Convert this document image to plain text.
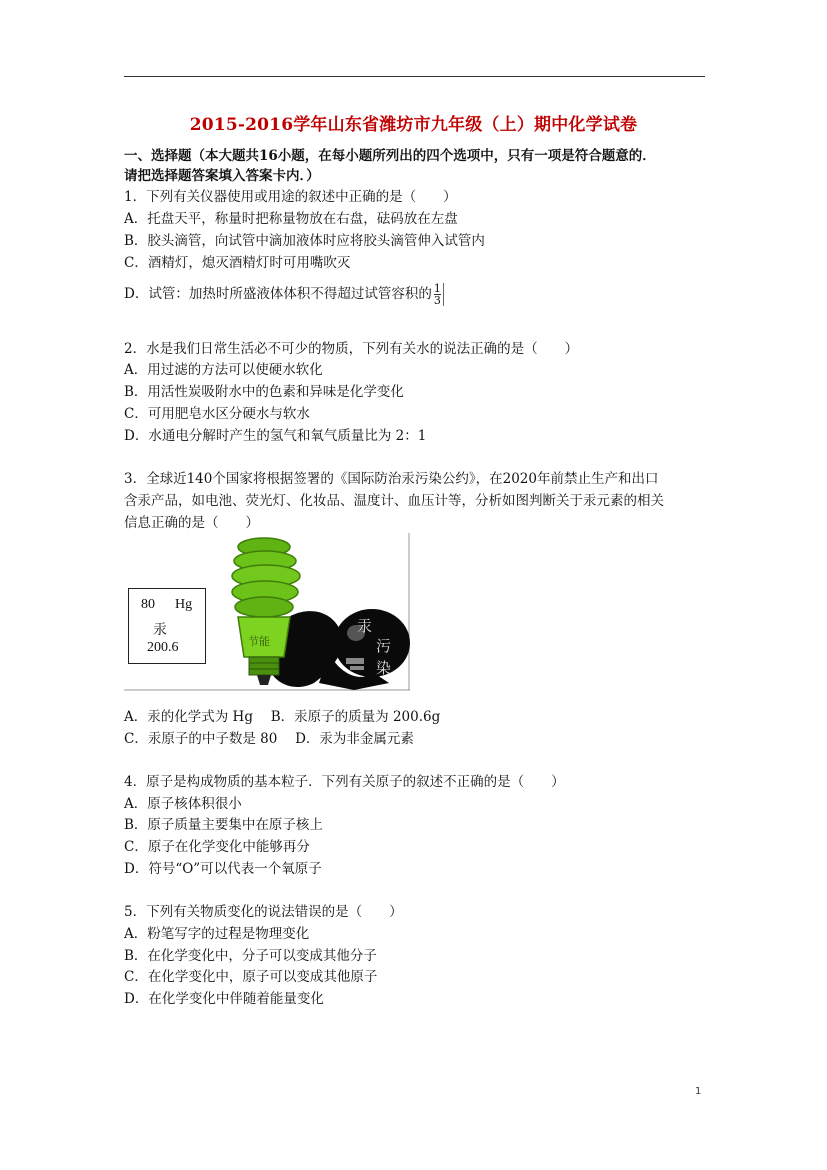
2015-2016学年山东省潍坊市九年级（上）期中化学试卷
一、选择题（本大题共16小题，在每小题所列出的四个选项中，只有一项是符合题意的．
请把选择题答案填入答案卡内．）
1．下列有关仪器使用或用途的叙述中正确的是（　　）
A．托盘天平，称量时把称量物放在右盘，砝码放在左盘
B．胶头滴管，向试管中滴加液体时应将胶头滴管伸入试管内
C．酒精灯，熄灭酒精灯时可用嘴吹灭
D．试管：加热时所盛液体体积不得超过试管容积的 $\frac{1}{3}$
2．水是我们日常生活必不可少的物质，下列有关水的说法正确的是（　　）
A．用过滤的方法可以使硬水软化
B．用活性炭吸附水中的色素和异味是化学变化
C．可用肥皂水区分硬水与软水
D．水通电分解时产生的氢气和氧气质量比为 2：1
3．全球近140个国家将根据签署的《国际防治汞污染公约》，在2020年前禁止生产和出口
含汞产品，如电池、荧光灯、化妆品、温度计、血压计等，分析如图判断关于汞元素的相关
信息正确的是（　　）
汞
污
染
节能
80 Hg
汞
200.6
A．汞的化学式为 Hg　 B．汞原子的质量为 200.6g
C．汞原子的中子数是 80　 D．汞为非金属元素
4．原子是构成物质的基本粒子．下列有关原子的叙述不正确的是（　　）
A．原子核体积很小
B．原子质量主要集中在原子核上
C．原子在化学变化中能够再分
D．符号“O”可以代表一个氧原子
5．下列有关物质变化的说法错误的是（　　）
A．粉笔写字的过程是物理变化
B．在化学变化中，分子可以变成其他分子
C．在化学变化中，原子可以变成其他原子
D．在化学变化中伴随着能量变化
1
